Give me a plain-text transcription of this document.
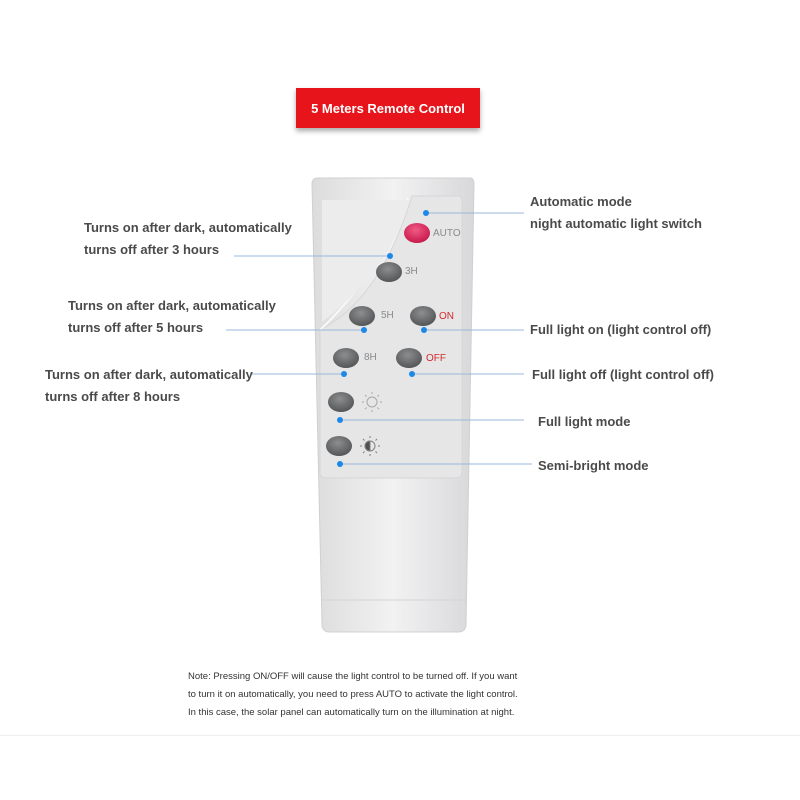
5 Meters Remote Control
AUTO
3H
5H	ON
8H	OFF
Automatic mode
night automatic light switch
Turns on after dark, automatically
turns off after 3 hours
Turns on after dark, automatically
turns off after 5 hours
Turns on after dark, automatically
turns off after 8 hours
Full light on (light control off)
Full light off (light control off)
Full light mode
Semi-bright mode
Note: Pressing ON/OFF will cause the light control to be turned off. If you want
to turn it on automatically, you need to press AUTO to activate the light control.
In this case, the solar panel can automatically turn on the illumination at night.
